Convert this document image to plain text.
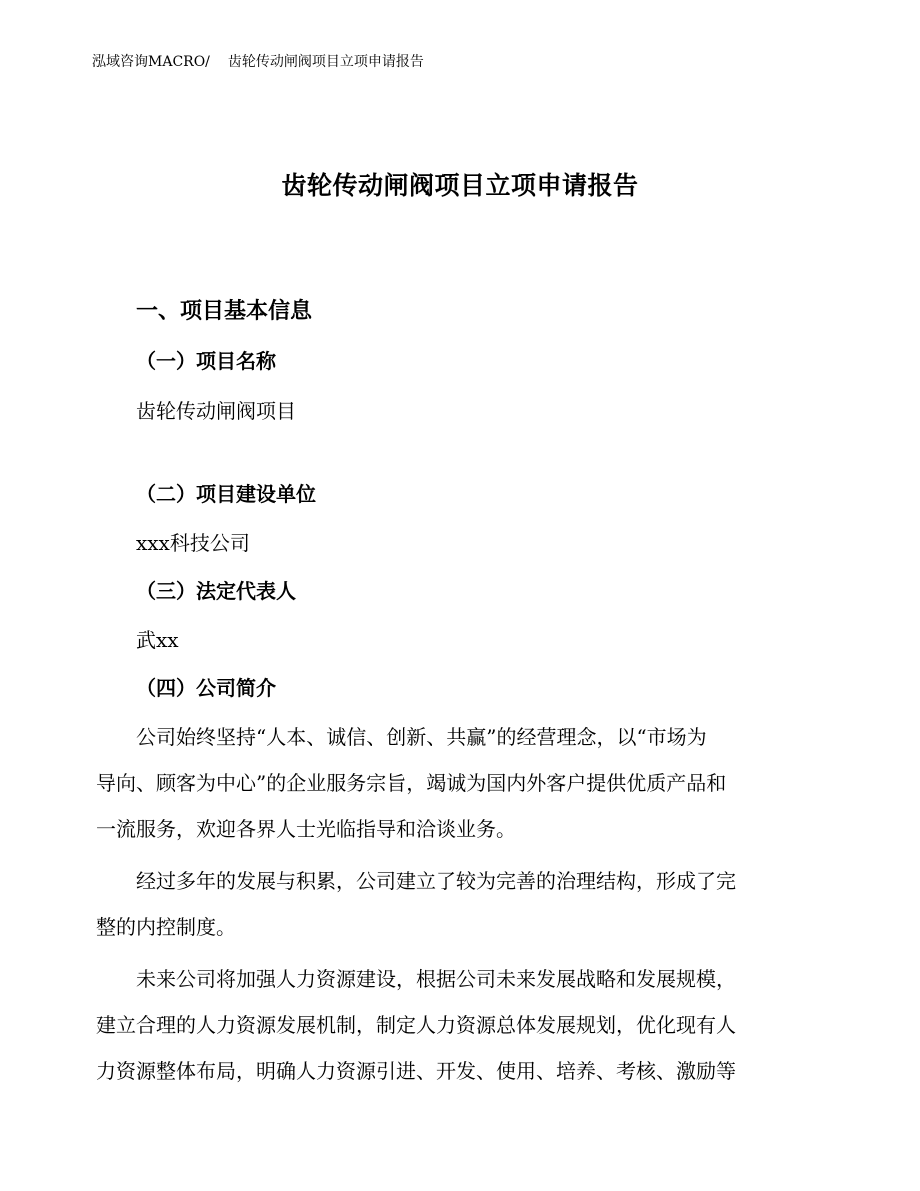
泓域咨询MACRO/ 齿轮传动闸阀项目立项申请报告
齿轮传动闸阀项目立项申请报告
一、项目基本信息
（一）项目名称
齿轮传动闸阀项目
（二）项目建设单位
xxx科技公司
（三）法定代表人
武xx
（四）公司简介
公司始终坚持“人本、诚信、创新、共赢”的经营理念，以“市场为
导向、顾客为中心”的企业服务宗旨，竭诚为国内外客户提供优质产品和
一流服务，欢迎各界人士光临指导和洽谈业务。
经过多年的发展与积累，公司建立了较为完善的治理结构，形成了完
整的内控制度。
未来公司将加强人力资源建设，根据公司未来发展战略和发展规模，
建立合理的人力资源发展机制，制定人力资源总体发展规划，优化现有人
力资源整体布局，明确人力资源引进、开发、使用、培养、考核、激励等
